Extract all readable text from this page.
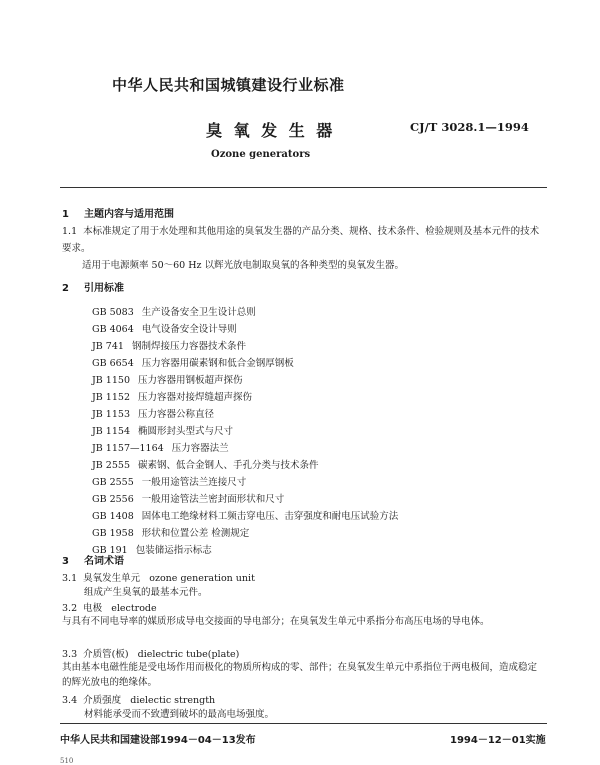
中华人民共和国城镇建设行业标准
臭 氧 发 生 器	CJ/T 3028.1—1994
Ozone generators
1 主题内容与适用范围
1.1 本标准规定了用于水处理和其他用途的臭氧发生器的产品分类、规格、技术条件、检验规则及基本元件的技术要求。
适用于电源频率 50～60 Hz 以辉光放电制取臭氧的各种类型的臭氧发生器。
2 引用标准
GB 5083 生产设备安全卫生设计总则
GB 4064 电气设备安全设计导则
JB 741 钢制焊接压力容器技术条件
GB 6654 压力容器用碳素钢和低合金钢厚钢板
JB 1150 压力容器用钢板超声探伤
JB 1152 压力容器对接焊缝超声探伤
JB 1153 压力容器公称直径
JB 1154 椭圆形封头型式与尺寸
JB 1157—1164 压力容器法兰
JB 2555 碳素钢、低合金钢人、手孔分类与技术条件
GB 2555 一般用途管法兰连接尺寸
GB 2556 一般用途管法兰密封面形状和尺寸
GB 1408 固体电工绝缘材料工频击穿电压、击穿强度和耐电压试验方法
GB 1958 形状和位置公差 检测规定
GB 191 包装储运指示标志
3 名词术语
3.1 臭氧发生单元 ozone generation unit
组成产生臭氧的最基本元件。
3.2 电极 electrode
与具有不同电导率的媒质形成导电交接面的导电部分；在臭氧发生单元中系指分布高压电场的导电体。
3.3 介质管(板) dielectric tube(plate)
其由基本电磁性能是受电场作用而极化的物质所构成的零、部件；在臭氧发生单元中系指位于两电极间，造成稳定的辉光放电的绝缘体。
中华人民共和国建设部1994－04－13发布	1994－12－01实施
510
3.4 介质强度 dielectic strength
材料能承受而不致遭到破坏的最高电场强度。
